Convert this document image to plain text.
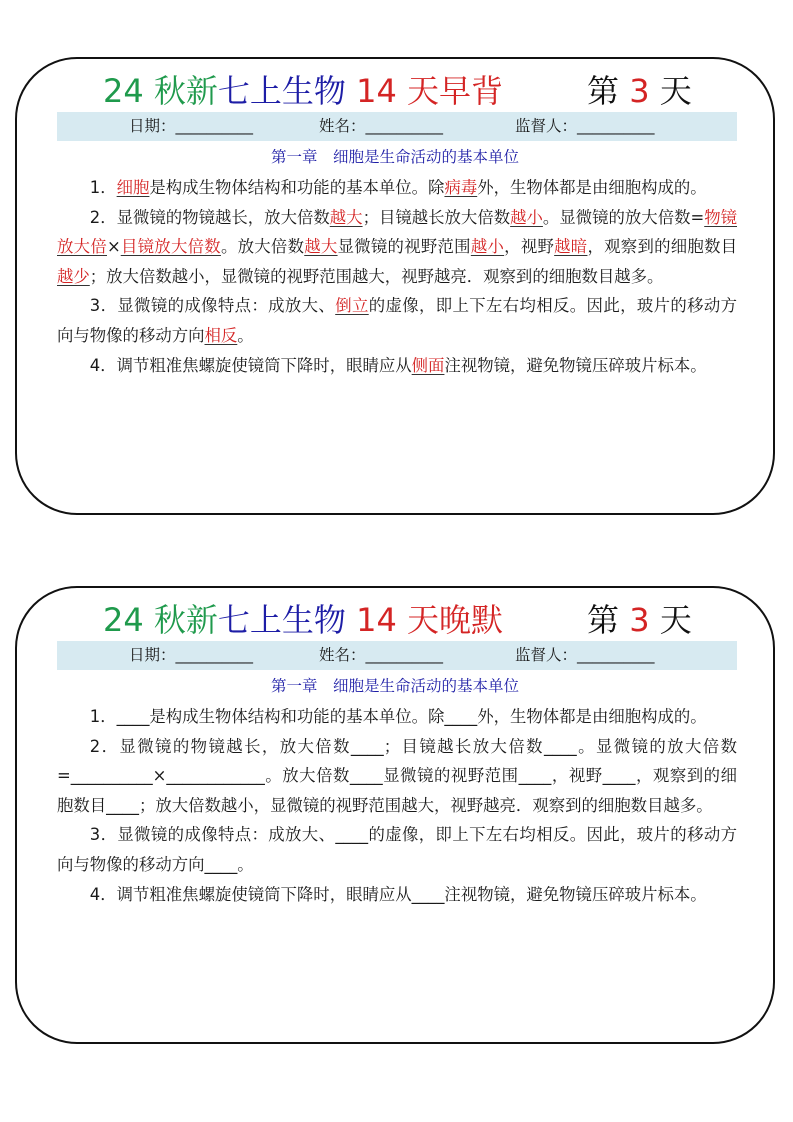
24 秋新七上生物 14 天早背	第 3 天
日期：__________	姓名：__________	监督人：__________
第一章　细胞是生命活动的基本单位

1．细胞是构成生物体结构和功能的基本单位。除病毒外，生物体都是由细胞构成的。

2．显微镜的物镜越长，放大倍数越大；目镜越长放大倍数越小。显微镜的放大倍数=物镜放大倍×目镜放大倍数。放大倍数越大显微镜的视野范围越小，视野越暗，观察到的细胞数目越少；放大倍数越小，显微镜的视野范围越大，视野越亮．观察到的细胞数目越多。

3．显微镜的成像特点：成放大、倒立的虚像，即上下左右均相反。因此，玻片的移动方向与物像的移动方向相反。

4．调节粗准焦螺旋使镜筒下降时，眼睛应从侧面注视物镜，避免物镜压碎玻片标本。

24 秋新七上生物 14 天晚默	第 3 天
日期：__________	姓名：__________	监督人：__________
第一章　细胞是生命活动的基本单位

1．____是构成生物体结构和功能的基本单位。除____外，生物体都是由细胞构成的。

2．显微镜的物镜越长，放大倍数____；目镜越长放大倍数____。显微镜的放大倍数=__________×____________。放大倍数____显微镜的视野范围____，视野____，观察到的细胞数目____；放大倍数越小，显微镜的视野范围越大，视野越亮．观察到的细胞数目越多。

3．显微镜的成像特点：成放大、____的虚像，即上下左右均相反。因此，玻片的移动方向与物像的移动方向____。

4．调节粗准焦螺旋使镜筒下降时，眼睛应从____注视物镜，避免物镜压碎玻片标本。
